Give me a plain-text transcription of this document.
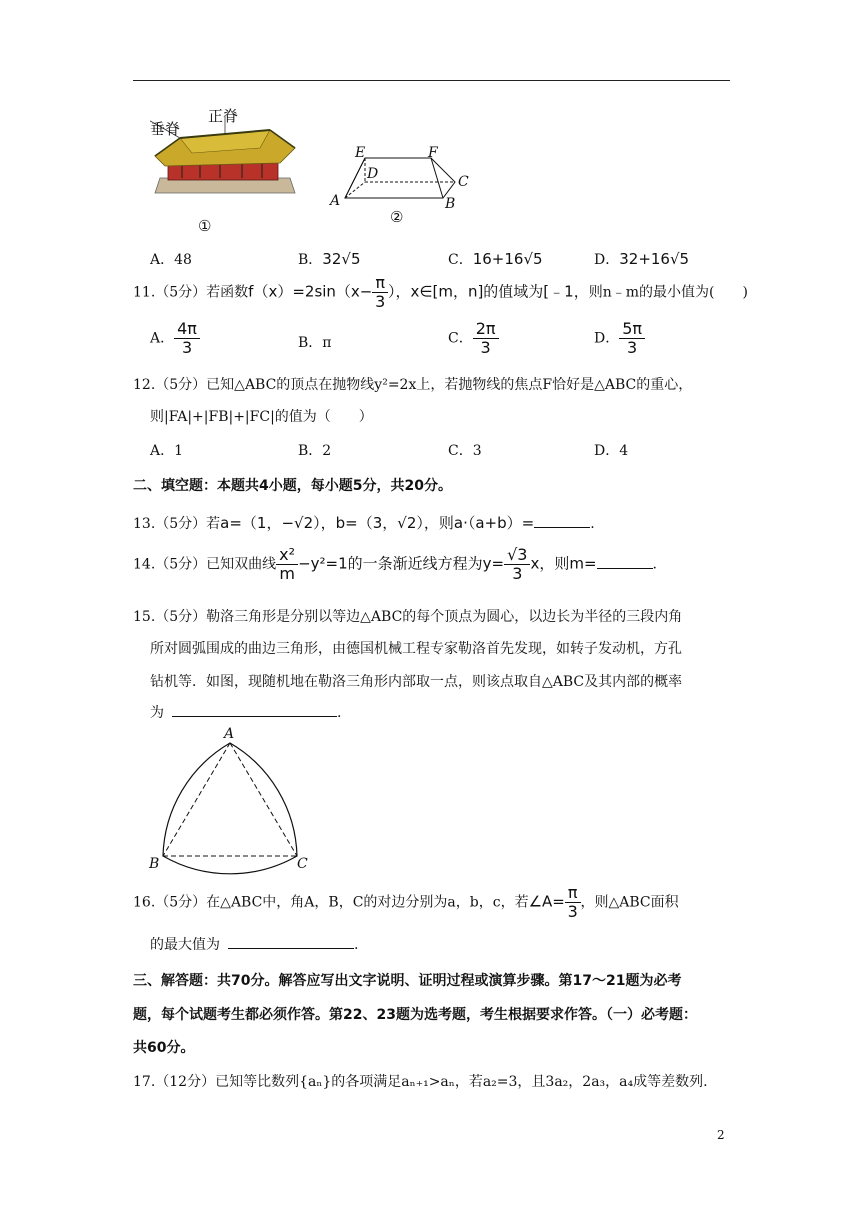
垂脊
正脊
①
E	F
D	C
A	B
②
A．48	B．32√5	C．16+16√5	D．32+16√5
11.（5分）若函数$f(x)=2\sin(x- \frac{\pi}{3}$ ），x∈[m，n]的值域为[﹣1，则n﹣m的最小值为(　　)
A． $\frac{4\pi}{3}$	B．π	C． $\frac{2\pi}{3}$	D． $\frac{5\pi}{3}$
12.（5分）已知△ABC的顶点在抛物线y²=2x上，若抛物线的焦点F恰好是△ABC的重心，
则|FA|+|FB|+|FC|的值为（　　）
A．1	B．2	C．3	D．4
二、填空题：本题共4小题，每小题5分，共20分。
13.（5分）若a=（1，−√2），b=（3，√2），则a·（a+b）=	.
14.（5分）已知双曲线 $\frac{\text{x²}}{m} -y^2=1$的一条渐近线方程为$y= \frac{√3}{3}$ x，则m=	.
15.（5分）勒洛三角形是分别以等边△ABC的每个顶点为圆心，以边长为半径的三段内角
所对圆弧围成的曲边三角形，由德国机械工程专家勒洛首先发现，如转子发动机，方孔
钻机等．如图，现随机地在勒洛三角形内部取一点，则该点取自△ABC及其内部的概率
为	.
A
B	C
16.（5分）在△ABC中，角A，B，C的对边分别为a，b，c，若∠A= $\frac{\pi}{3}$ ，则△ABC面积
的最大值为	.
三、解答题：共70分。解答应写出文字说明、证明过程或演算步骤。第17～21题为必考
题，每个试题考生都必须作答。第22、23题为选考题，考生根据要求作答。（一）必考题：
共60分。
17.（12分）已知等比数列{aₙ}的各项满足aₙ₊₁>aₙ，若a₂=3，且3a₂，2a₃，a₄成等差数列.
2
